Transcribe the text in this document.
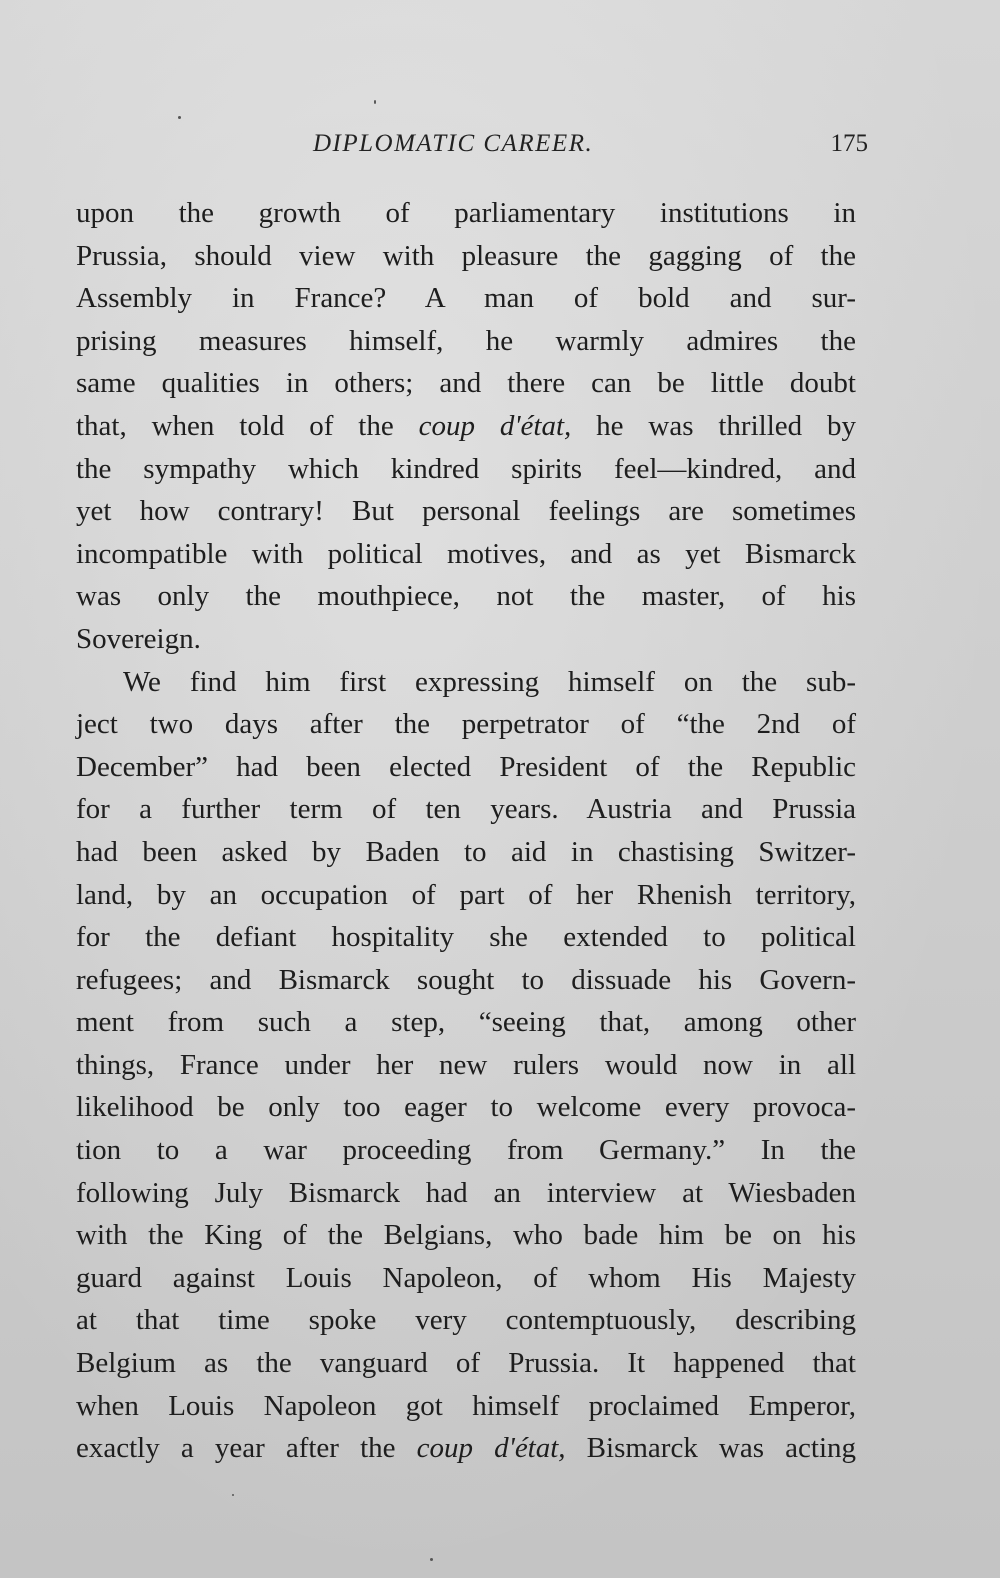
DIPLOMATIC CAREER.	175
upon the growth of parliamentary institutions in
Prussia, should view with pleasure the gagging of the
Assembly in France? A man of bold and sur-
prising measures himself, he warmly admires the
same qualities in others; and there can be little doubt
that, when told of the coup d'état, he was thrilled by
the sympathy which kindred spirits feel—kindred, and
yet how contrary! But personal feelings are sometimes
incompatible with political motives, and as yet Bismarck
was only the mouthpiece, not the master, of his
Sovereign.
We find him first expressing himself on the sub-
ject two days after the perpetrator of “the 2nd of
December” had been elected President of the Republic
for a further term of ten years. Austria and Prussia
had been asked by Baden to aid in chastising Switzer-
land, by an occupation of part of her Rhenish territory,
for the defiant hospitality she extended to political
refugees; and Bismarck sought to dissuade his Govern-
ment from such a step, “seeing that, among other
things, France under her new rulers would now in all
likelihood be only too eager to welcome every provoca-
tion to a war proceeding from Germany.” In the
following July Bismarck had an interview at Wiesbaden
with the King of the Belgians, who bade him be on his
guard against Louis Napoleon, of whom His Majesty
at that time spoke very contemptuously, describing
Belgium as the vanguard of Prussia. It happened that
when Louis Napoleon got himself proclaimed Emperor,
exactly a year after the coup d'état, Bismarck was acting
